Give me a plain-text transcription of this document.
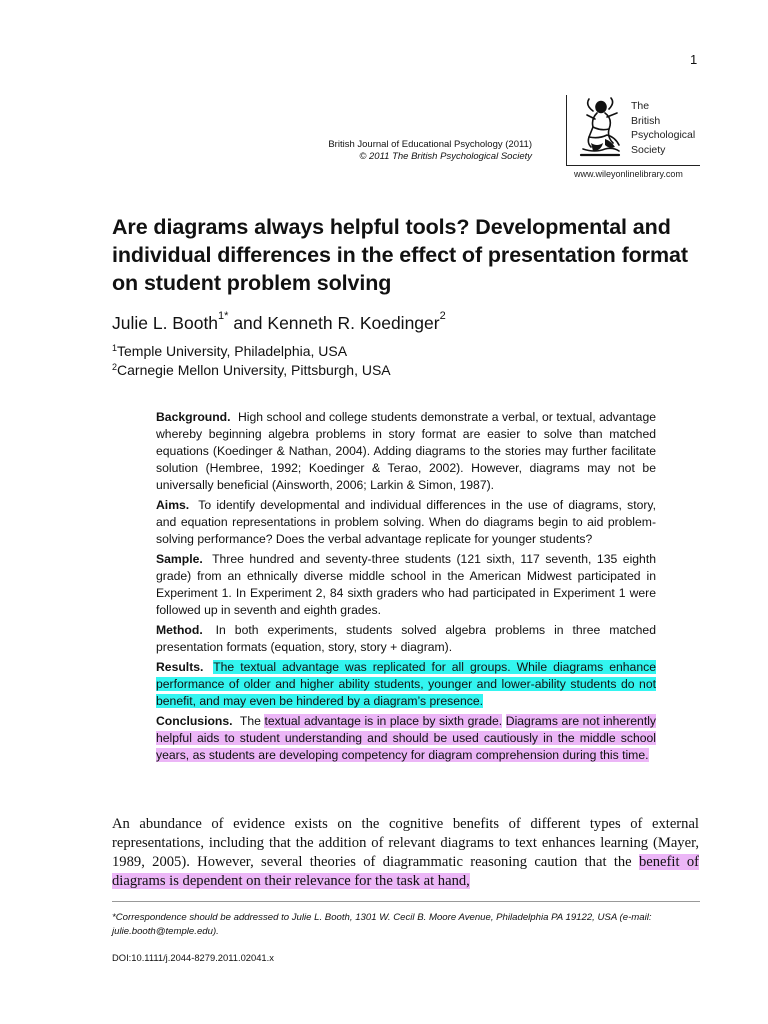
1
British Journal of Educational Psychology (2011)
© 2011 The British Psychological Society
The
British
Psychological
Society
www.wileyonlinelibrary.com
Are diagrams always helpful tools? Developmental and individual differences in the effect of presentation format on student problem solving
Julie L. Booth$^{1*}$ and Kenneth R. Koedinger$^2$
$^1$Temple University, Philadelphia, USA
$^2$Carnegie Mellon University, Pittsburgh, USA

Background. High school and college students demonstrate a verbal, or textual, advantage whereby beginning algebra problems in story format are easier to solve than matched equations (Koedinger & Nathan, 2004). Adding diagrams to the stories may further facilitate solution (Hembree, 1992; Koedinger & Terao, 2002). However, diagrams may not be universally beneficial (Ainsworth, 2006; Larkin & Simon, 1987).

Aims. To identify developmental and individual differences in the use of diagrams, story, and equation representations in problem solving. When do diagrams begin to aid problem-solving performance? Does the verbal advantage replicate for younger students?

Sample. Three hundred and seventy-three students (121 sixth, 117 seventh, 135 eighth grade) from an ethnically diverse middle school in the American Midwest participated in Experiment 1. In Experiment 2, 84 sixth graders who had participated in Experiment 1 were followed up in seventh and eighth grades.

Method. In both experiments, students solved algebra problems in three matched presentation formats (equation, story, story + diagram).

Results. The textual advantage was replicated for all groups. While diagrams enhance performance of older and higher ability students, younger and lower-ability students do not benefit, and may even be hindered by a diagram’s presence.

Conclusions. The textual advantage is in place by sixth grade. Diagrams are not inherently helpful aids to student understanding and should be used cautiously in the middle school years, as students are developing competency for diagram comprehension during this time.

An abundance of evidence exists on the cognitive benefits of different types of external representations, including that the addition of relevant diagrams to text enhances learning (Mayer, 1989, 2005). However, several theories of diagrammatic reasoning caution that the benefit of diagrams is dependent on their relevance for the task at hand,
*Correspondence should be addressed to Julie L. Booth, 1301 W. Cecil B. Moore Avenue, Philadelphia PA 19122, USA (e-mail: julie.booth@temple.edu).
DOI:10.1111/j.2044-8279.2011.02041.x
